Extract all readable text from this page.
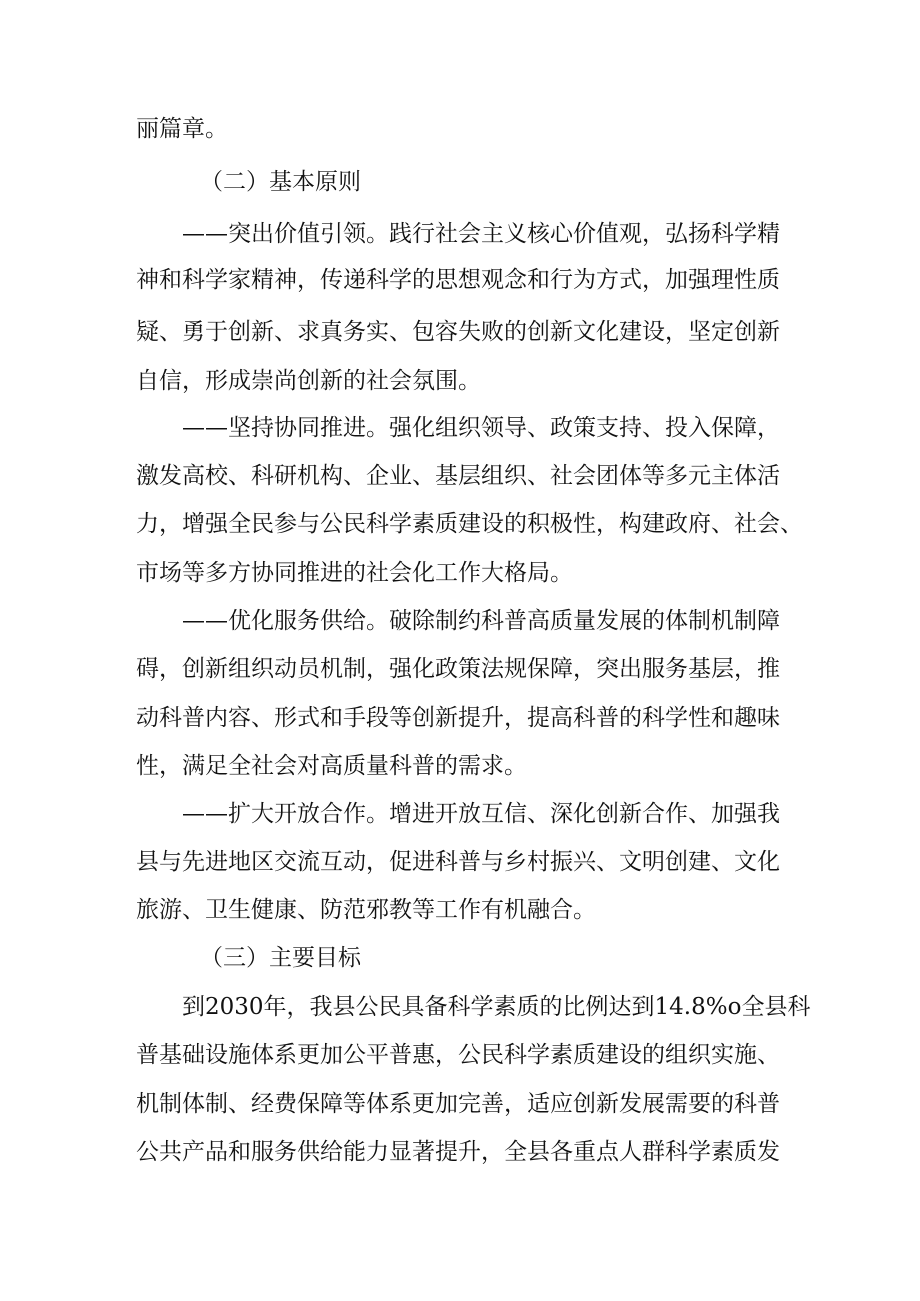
丽篇章。
（二）基本原则
——突出价值引领。践行社会主义核心价值观，弘扬科学精
神和科学家精神，传递科学的思想观念和行为方式，加强理性质
疑、勇于创新、求真务实、包容失败的创新文化建设，坚定创新
自信，形成崇尚创新的社会氛围。
——坚持协同推进。强化组织领导、政策支持、投入保障，
激发高校、科研机构、企业、基层组织、社会团体等多元主体活
力，增强全民参与公民科学素质建设的积极性，构建政府、社会、
市场等多方协同推进的社会化工作大格局。
——优化服务供给。破除制约科普高质量发展的体制机制障
碍，创新组织动员机制，强化政策法规保障，突出服务基层，推
动科普内容、形式和手段等创新提升，提高科普的科学性和趣味
性，满足全社会对高质量科普的需求。
——扩大开放合作。增进开放互信、深化创新合作、加强我
县与先进地区交流互动，促进科普与乡村振兴、文明创建、文化
旅游、卫生健康、防范邪教等工作有机融合。
（三）主要目标
到2030年，我县公民具备科学素质的比例达到14.8%o全县科
普基础设施体系更加公平普惠，公民科学素质建设的组织实施、
机制体制、经费保障等体系更加完善，适应创新发展需要的科普
公共产品和服务供给能力显著提升，全县各重点人群科学素质发
